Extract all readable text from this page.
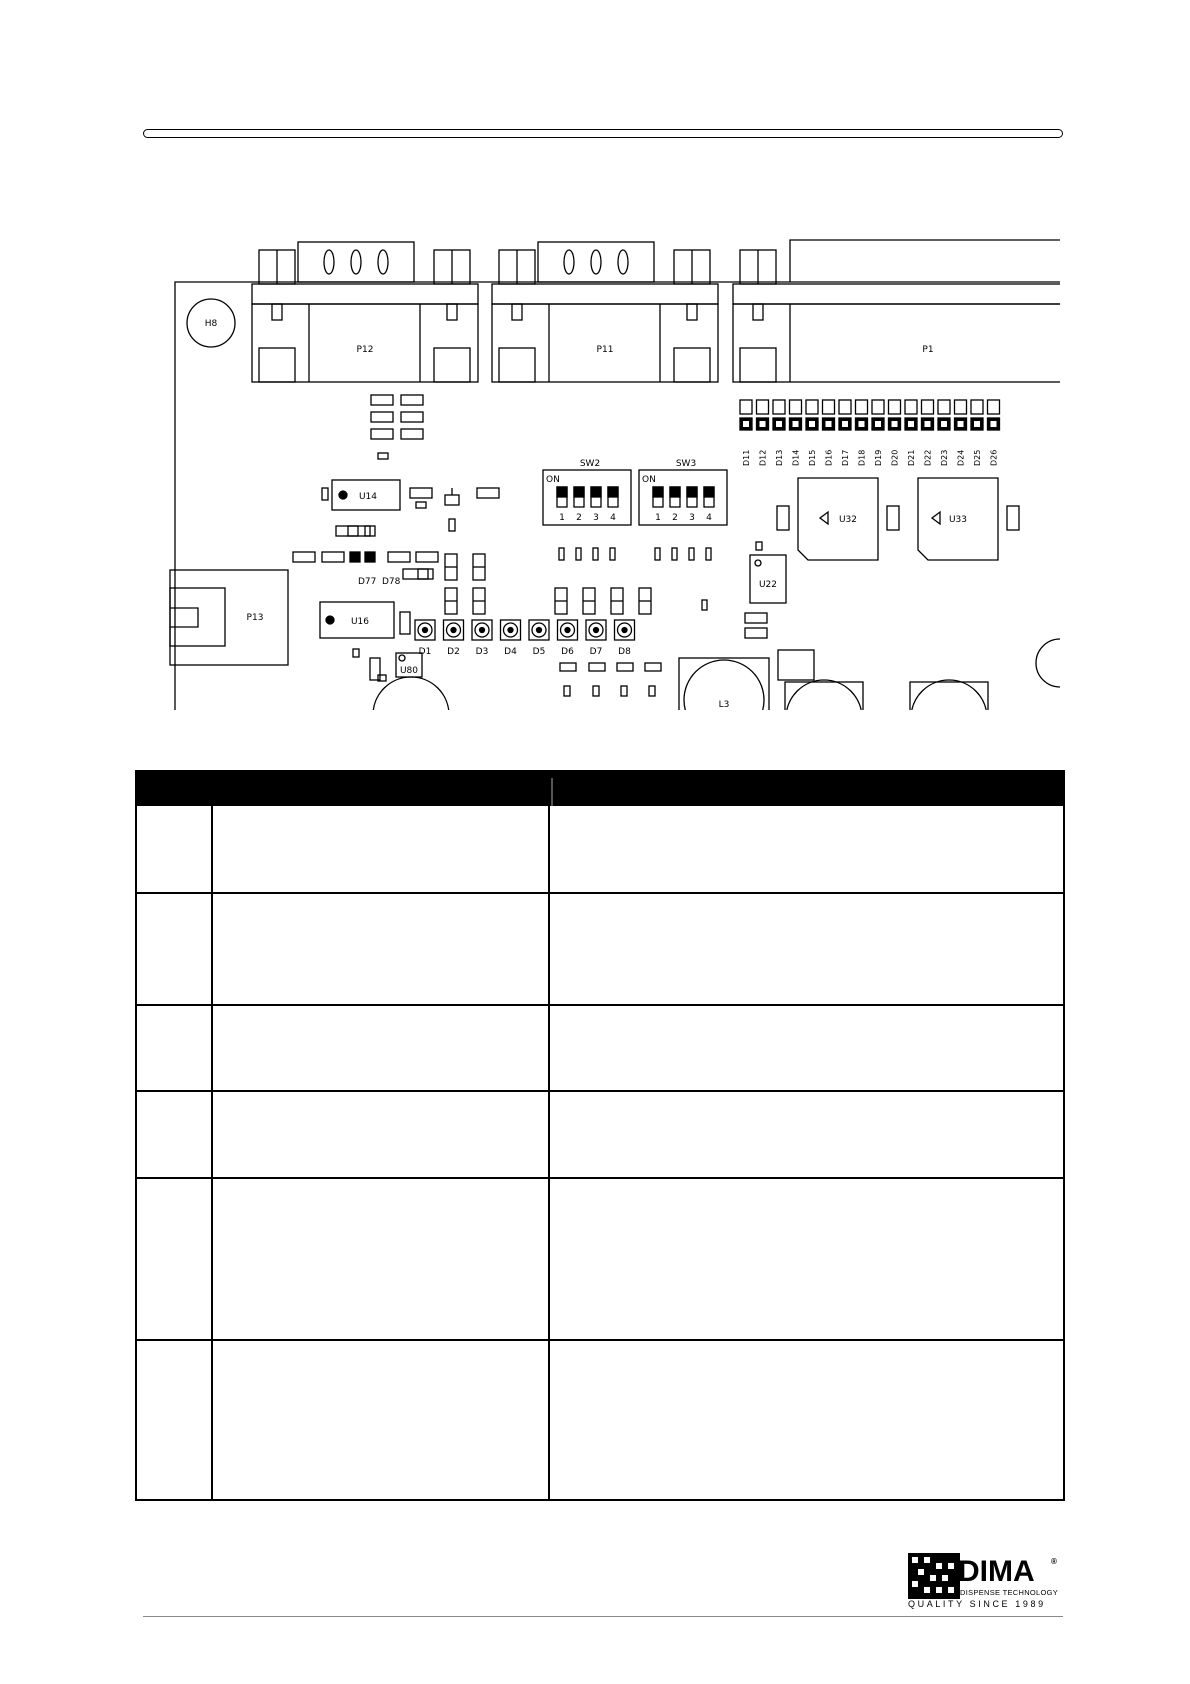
H8
P12	P11	P1
U14
D77 D78
P13	U16
U80
SW2
ON
1 2 3 4
SW3
ON
1 2 3 4
D1 D2 D3 D4 D5 D6 D7 D8
L3
U22
U32	U33
D11 D12 D13 D14 D15 D16 D17 D18 D19 D20 D21 D22 D23 D24 D25 D26
DIMA ®
DISPENSE TECHNOLOGY
QUALITY SINCE 1989
